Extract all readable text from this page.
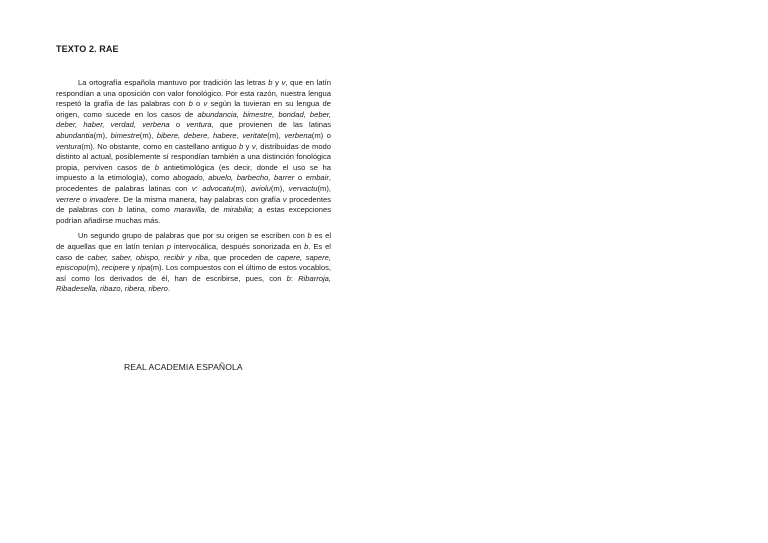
TEXTO 2. RAE

La ortografía española mantuvo por tradición las letras b y v, que en latín respondían a una oposición con valor fonológico. Por esta razón, nuestra lengua respetó la grafía de las palabras con b o v según la tuvieran en su lengua de origen, como sucede en los casos de abundancia, bimestre, bondad, beber, deber, haber, verdad, verbena o ventura, que provienen de las latinas abundantia(m), bimestre(m), bibere, debere, habere, veritate(m), verbena(m) o ventura(m). No obstante, como en castellano antiguo b y v, distribuidas de modo distinto al actual, posiblemente sí respondían también a una distinción fonológica propia, perviven casos de b antietimológica (es decir, donde el uso se ha impuesto a la etimología), como abogado, abuelo, barbecho, barrer o embair, procedentes de palabras latinas con v: advocatu(m), aviolu(m), vervactu(m), verrere o invadere. De la misma manera, hay palabras con grafía v procedentes de palabras con b latina, como maravilla, de mirabilia; a estas excepciones podrían añadirse muchas más.

Un segundo grupo de palabras que por su origen se escriben con b es el de aquellas que en latín tenían p intervocálica, después sonorizada en b. Es el caso de caber, saber, obispo, recibir y riba, que proceden de capere, sapere, episcopu(m), recipere y ripa(m). Los compuestos con el último de estos vocablos, así como los derivados de él, han de escribirse, pues, con b: Ribarroja, Ribadesella, ribazo, ribera, ribero.

REAL ACADEMIA ESPAÑOLA
